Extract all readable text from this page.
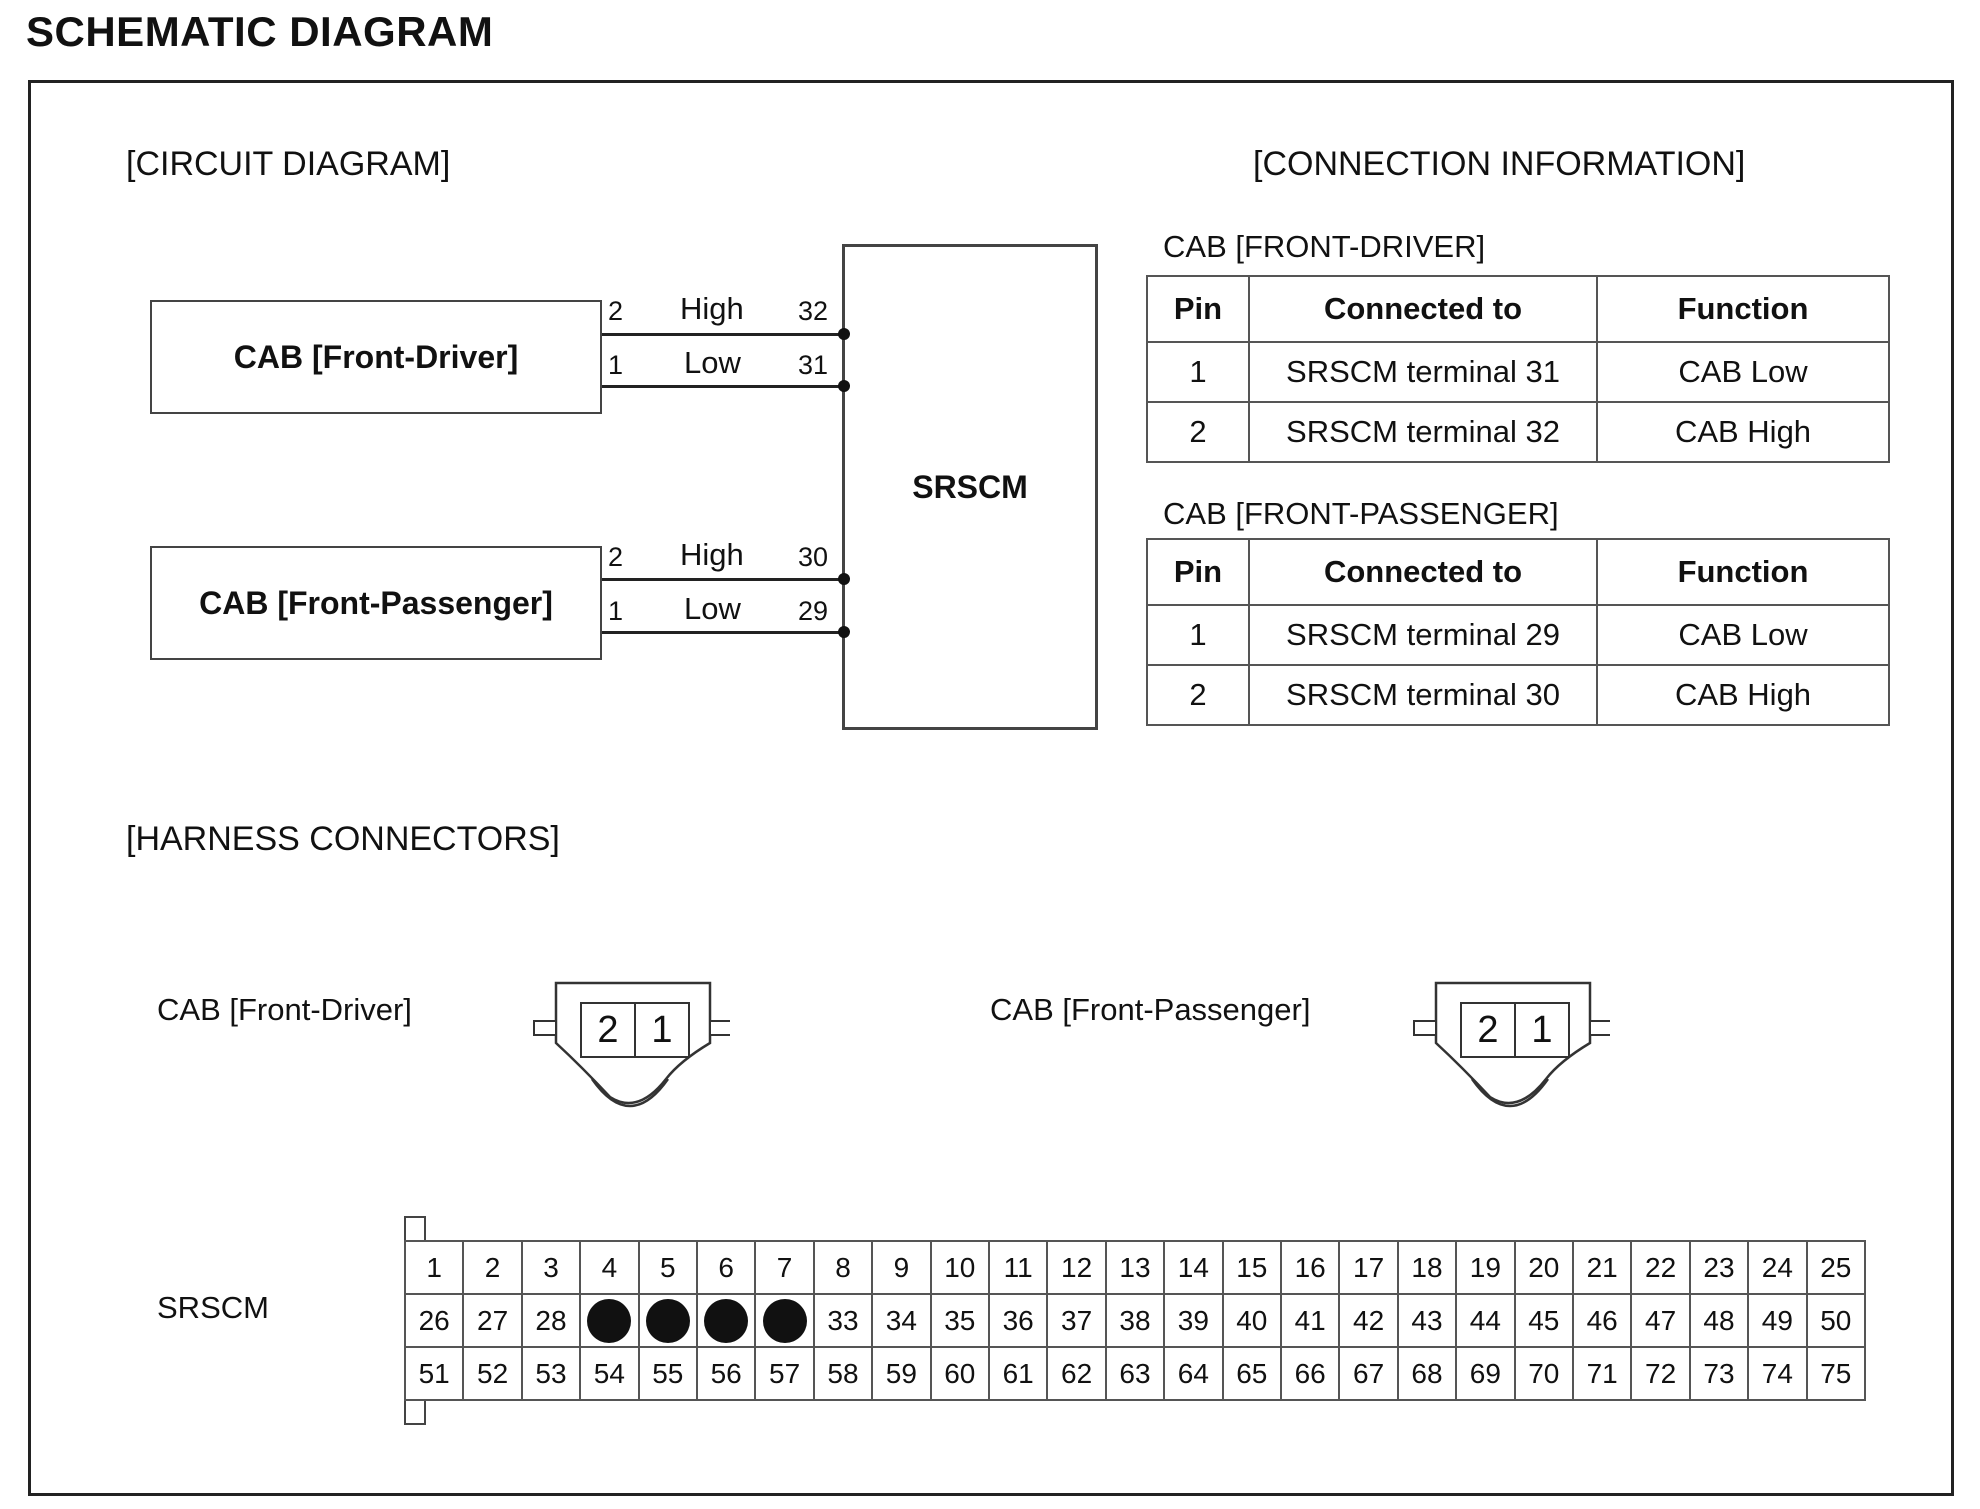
SCHEMATIC DIAGRAM
[CIRCUIT DIAGRAM]
CAB [Front-Driver]
CAB [Front-Passenger]
SRSCM
2 High 32
1 Low 31
2 High 30
1 Low 29
[CONNECTION INFORMATION]
CAB [FRONT-DRIVER]
Pin	Connected to	Function
1	SRSCM terminal 31	CAB Low
2	SRSCM terminal 32	CAB High
CAB [FRONT-PASSENGER]
Pin	Connected to	Function
1	SRSCM terminal 29	CAB Low
2	SRSCM terminal 30	CAB High
[HARNESS CONNECTORS]
CAB [Front-Driver]	CAB [Front-Passenger]
2 1	2 1
SRSCM
1	2	3	4	5	6	7	8	9	10	11	12 13 14 15 16 17 18 19 20 21 22 23 24 25
26 27 28	33 34 35 36 37 38 39 40 41 42 43 44 45 46 47 48 49 50
51 52 53 54 55 56 57 58 59 60 61 62 63 64 65 66 67 68 69 70 71 72 73 74 75
